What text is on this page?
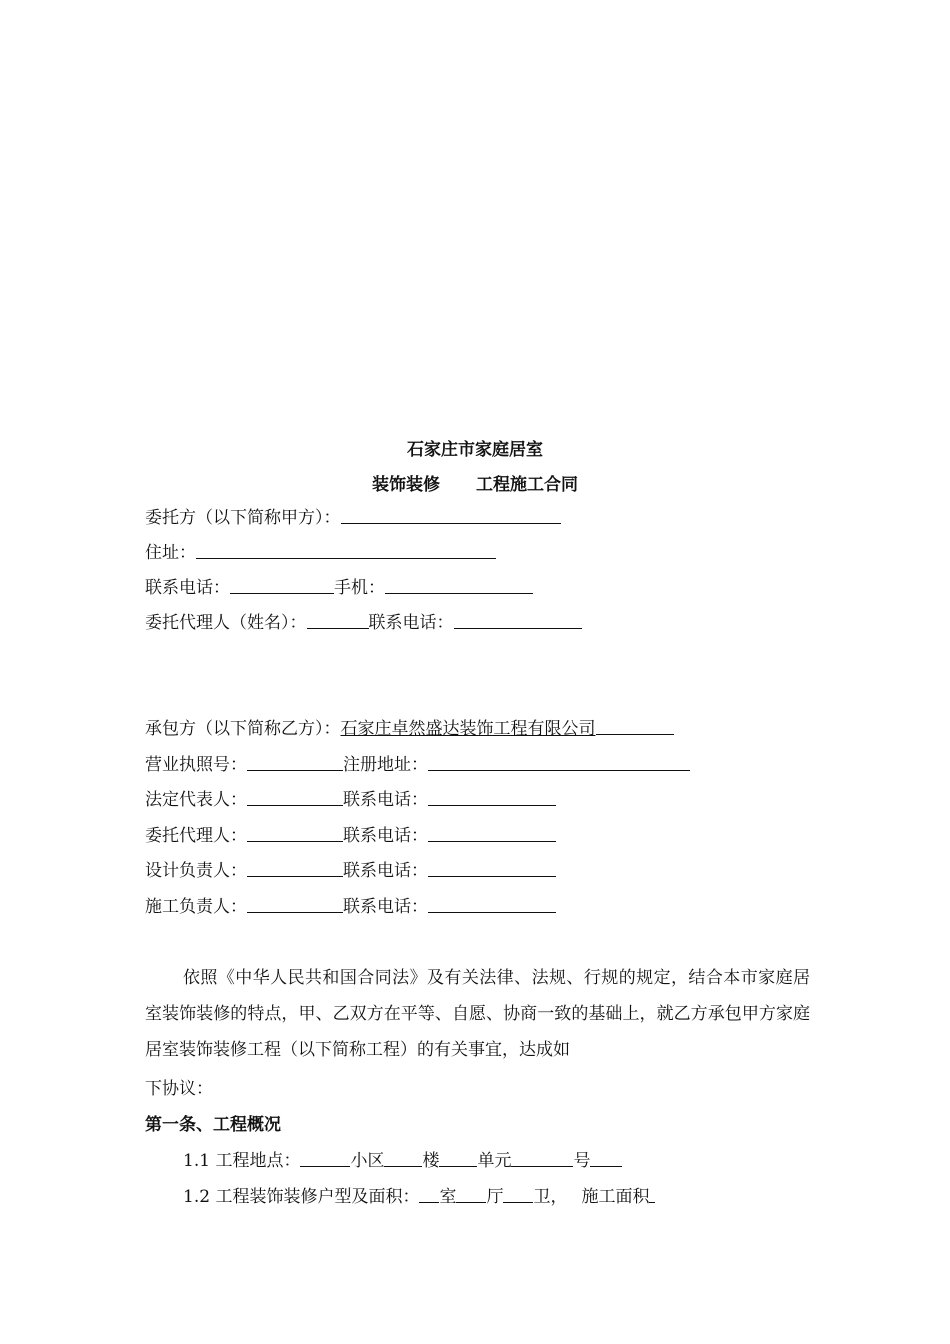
石家庄市家庭居室
装饰装修 工程施工合同
委托方（以下简称甲方）：
住址：
联系电话：	手机：
委托代理人（姓名）：	联系电话：
承包方（以下简称乙方）：石家庄卓然盛达装饰工程有限公司
营业执照号：	注册地址：
法定代表人：	联系电话：
委托代理人：	联系电话：
设计负责人：	联系电话：
施工负责人：	联系电话：
依照《中华人民共和国合同法》及有关法律、法规、行规的规定，结合本市家庭居室装饰装修的特点，甲、乙双方在平等、自愿、协商一致的基础上，就乙方承包甲方家庭居室装饰装修工程（以下简称工程）的有关事宜，达成如
下协议：
第一条、工程概况
1.1 工程地点：	小区 楼 单元	号
1.2 工程装饰装修户型及面积： 室 厅 卫， 施工面积
